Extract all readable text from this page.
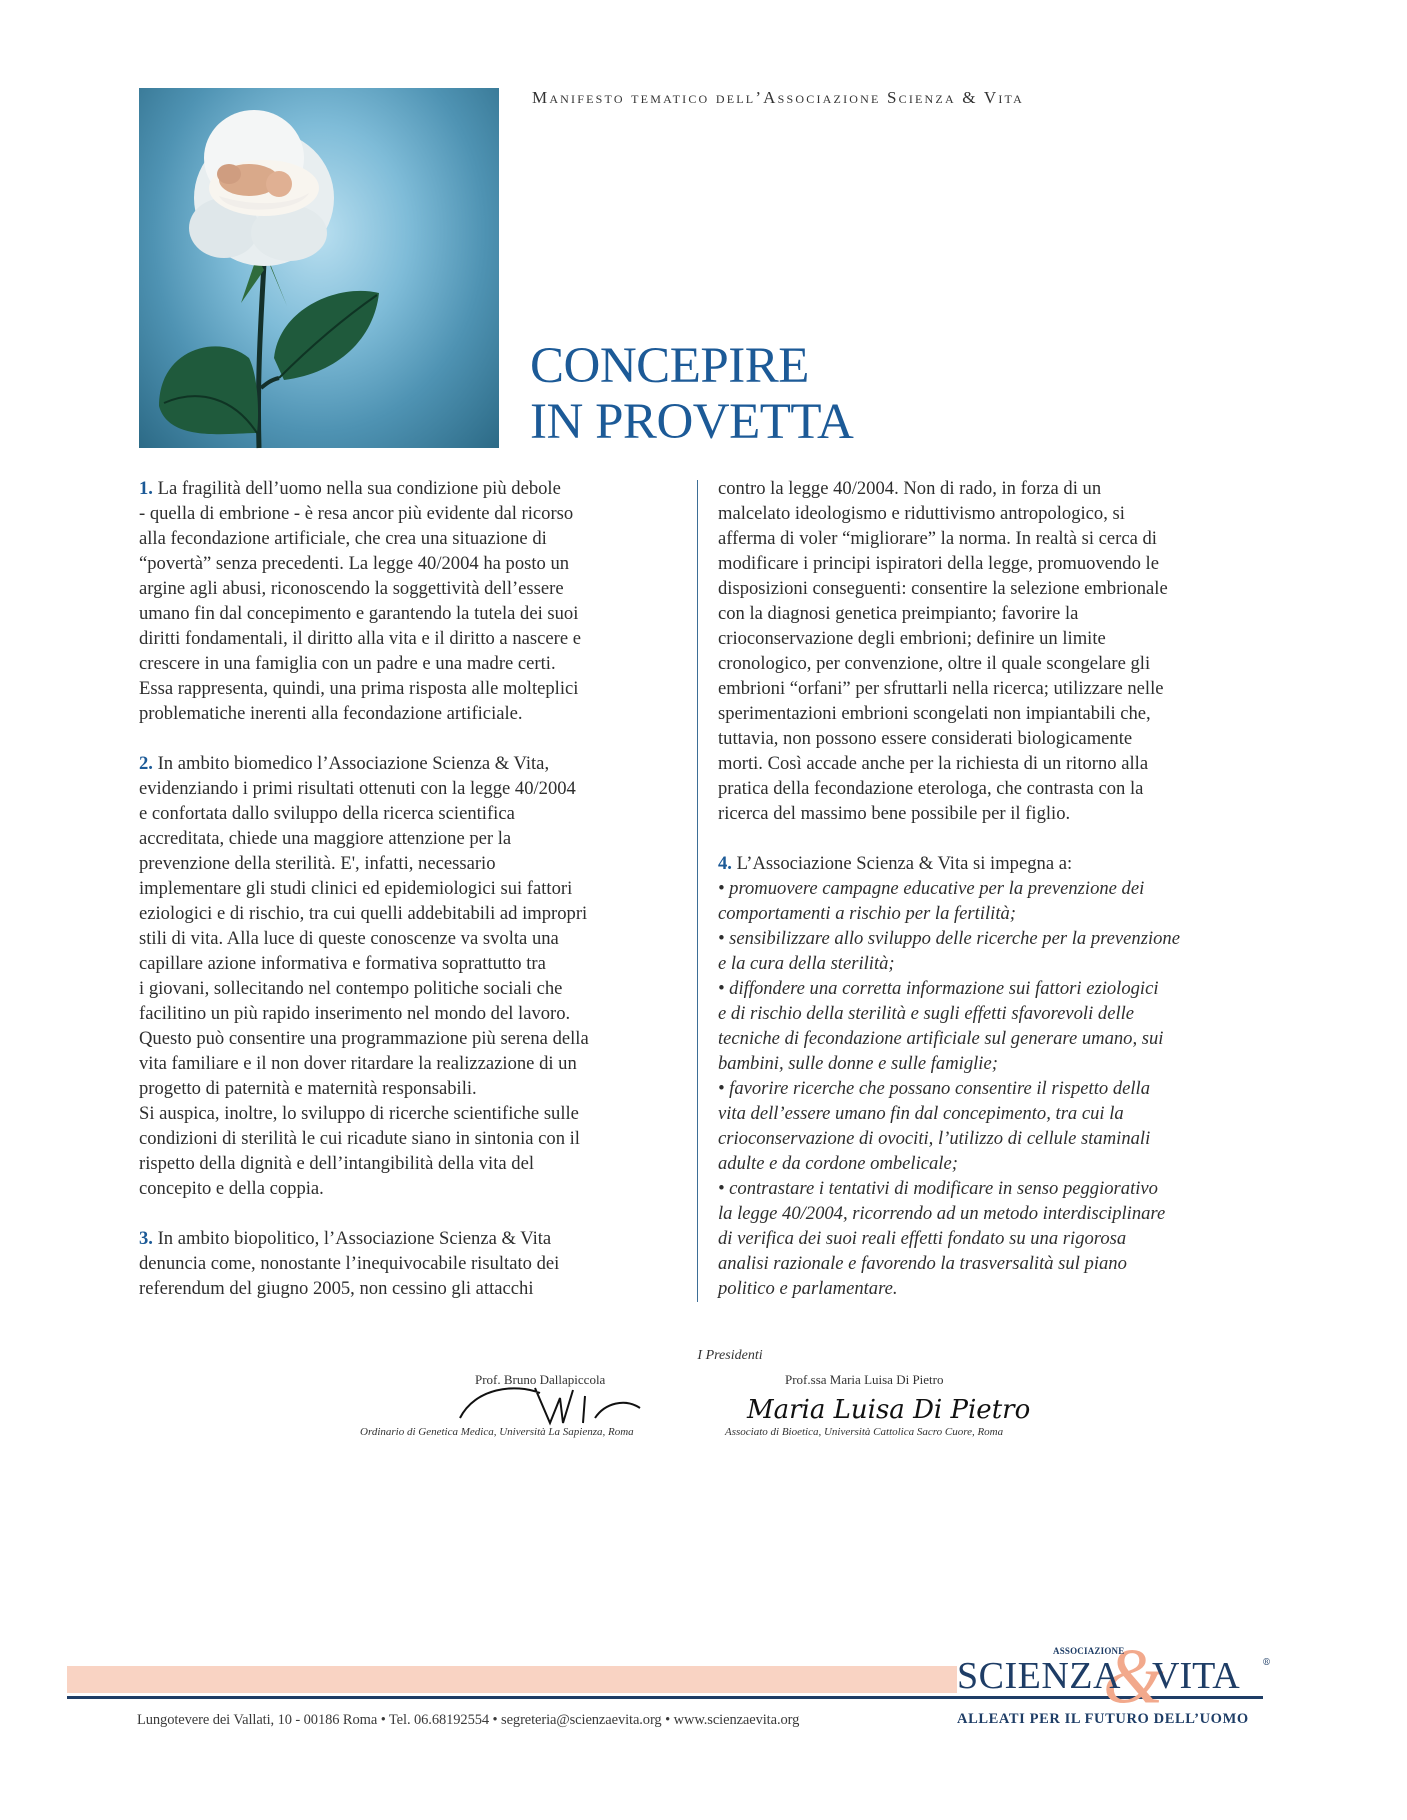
Manifesto tematico dell’Associazione Scienza & Vita
CONCEPIRE
IN PROVETTA

1. La fragilità dell’uomo nella sua condizione più debole
- quella di embrione - è resa ancor più evidente dal ricorso
alla fecondazione artificiale, che crea una situazione di
“povertà” senza precedenti. La legge 40/2004 ha posto un
argine agli abusi, riconoscendo la soggettività dell’essere
umano fin dal concepimento e garantendo la tutela dei suoi
diritti fondamentali, il diritto alla vita e il diritto a nascere e
crescere in una famiglia con un padre e una madre certi.
Essa rappresenta, quindi, una prima risposta alle molteplici
problematiche inerenti alla fecondazione artificiale.

2. In ambito biomedico l’Associazione Scienza & Vita,
evidenziando i primi risultati ottenuti con la legge 40/2004
e confortata dallo sviluppo della ricerca scientifica
accreditata, chiede una maggiore attenzione per la
prevenzione della sterilità. E', infatti, necessario
implementare gli studi clinici ed epidemiologici sui fattori
eziologici e di rischio, tra cui quelli addebitabili ad impropri
stili di vita. Alla luce di queste conoscenze va svolta una
capillare azione informativa e formativa soprattutto tra
i giovani, sollecitando nel contempo politiche sociali che
facilitino un più rapido inserimento nel mondo del lavoro.
Questo può consentire una programmazione più serena della
vita familiare e il non dover ritardare la realizzazione di un
progetto di paternità e maternità responsabili.
Si auspica, inoltre, lo sviluppo di ricerche scientifiche sulle
condizioni di sterilità le cui ricadute siano in sintonia con il
rispetto della dignità e dell’intangibilità della vita del
concepito e della coppia.

3. In ambito biopolitico, l’Associazione Scienza & Vita
denuncia come, nonostante l’inequivocabile risultato dei
referendum del giugno 2005, non cessino gli attacchi

contro la legge 40/2004. Non di rado, in forza di un
malcelato ideologismo e riduttivismo antropologico, si
afferma di voler “migliorare” la norma. In realtà si cerca di
modificare i principi ispiratori della legge, promuovendo le
disposizioni conseguenti: consentire la selezione embrionale
con la diagnosi genetica preimpianto; favorire la
crioconservazione degli embrioni; definire un limite
cronologico, per convenzione, oltre il quale scongelare gli
embrioni “orfani” per sfruttarli nella ricerca; utilizzare nelle
sperimentazioni embrioni scongelati non impiantabili che,
tuttavia, non possono essere considerati biologicamente
morti. Così accade anche per la richiesta di un ritorno alla
pratica della fecondazione eterologa, che contrasta con la
ricerca del massimo bene possibile per il figlio.

4. L’Associazione Scienza & Vita si impegna a:

• promuovere campagne educative per la prevenzione dei
comportamenti a rischio per la fertilità;

• sensibilizzare allo sviluppo delle ricerche per la prevenzione
e la cura della sterilità;

• diffondere una corretta informazione sui fattori eziologici
e di rischio della sterilità e sugli effetti sfavorevoli delle
tecniche di fecondazione artificiale sul generare umano, sui
bambini, sulle donne e sulle famiglie;

• favorire ricerche che possano consentire il rispetto della
vita dell’essere umano fin dal concepimento, tra cui la
crioconservazione di ovociti, l’utilizzo di cellule staminali
adulte e da cordone ombelicale;

• contrastare i tentativi di modificare in senso peggiorativo
la legge 40/2004, ricorrendo ad un metodo interdisciplinare
di verifica dei suoi reali effetti fondato su una rigorosa
analisi razionale e favorendo la trasversalità sul piano
politico e parlamentare.

I Presidenti
Prof. Bruno Dallapiccola
Ordinario di Genetica Medica, Università La Sapienza, Roma
Prof.ssa Maria Luisa Di Pietro
Maria Luisa Di Pietro
Associato di Bioetica, Università Cattolica Sacro Cuore, Roma
Lungotevere dei Vallati, 10 - 00186 Roma • Tel. 06.68192554 • segreteria@scienzaevita.org • www.scienzaevita.org
&
ASSOCIAZIONE
SCIENZA VITA ®
ALLEATI PER IL FUTURO DELL’UOMO
